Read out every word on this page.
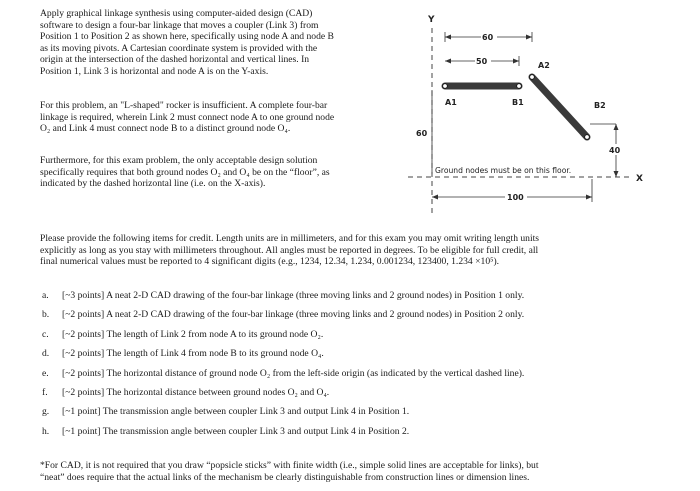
Apply graphical linkage synthesis using computer-aided design (CAD)
software to design a four-bar linkage that moves a coupler (Link 3) from
Position 1 to Position 2 as shown here, specifically using node A and node B
as its moving pivots. A Cartesian coordinate system is provided with the
origin at the intersection of the dashed horizontal and vertical lines. In
Position 1, Link 3 is horizontal and node A is on the Y-axis.
Y
X
60
50
A1	B1
A2
B2
60
40
Ground nodes must be on this floor.
100
For this problem, an "L-shaped" rocker is insufficient. A complete four-bar
linkage is required, wherein Link 2 must connect node A to one ground node
O₂ and Link 4 must connect node B to a distinct ground node O₄.
Furthermore, for this exam problem, the only acceptable design solution
specifically requires that both ground nodes O₂ and O₄ be on the “floor”, as
indicated by the dashed horizontal line (i.e. on the X-axis).
Please provide the following items for credit. Length units are in millimeters, and for this exam you may omit writing length units
explicitly as long as you stay with millimeters throughout. All angles must be reported in degrees. To be eligible for full credit, all
final numerical values must be reported to 4 significant digits (e.g., 1234, 12.34, 1.234, 0.001234, 123400, 1.234 ×10⁵).
a. [~3 points] A neat 2-D CAD drawing of the four-bar linkage (three moving links and 2 ground nodes) in Position 1 only.
b. [~2 points] A neat 2-D CAD drawing of the four-bar linkage (three moving links and 2 ground nodes) in Position 2 only.
c. [~2 points] The length of Link 2 from node A to its ground node O₂.
d. [~2 points] The length of Link 4 from node B to its ground node O₄.
e. [~2 points] The horizontal distance of ground node O₂ from the left-side origin (as indicated by the vertical dashed line).
f. [~2 points] The horizontal distance between ground nodes O₂ and O₄.
g. [~1 point] The transmission angle between coupler Link 3 and output Link 4 in Position 1.
h. [~1 point] The transmission angle between coupler Link 3 and output Link 4 in Position 2.
*For CAD, it is not required that you draw “popsicle sticks” with finite width (i.e., simple solid lines are acceptable for links), but
“neat” does require that the actual links of the mechanism be clearly distinguishable from construction lines or dimension lines.
